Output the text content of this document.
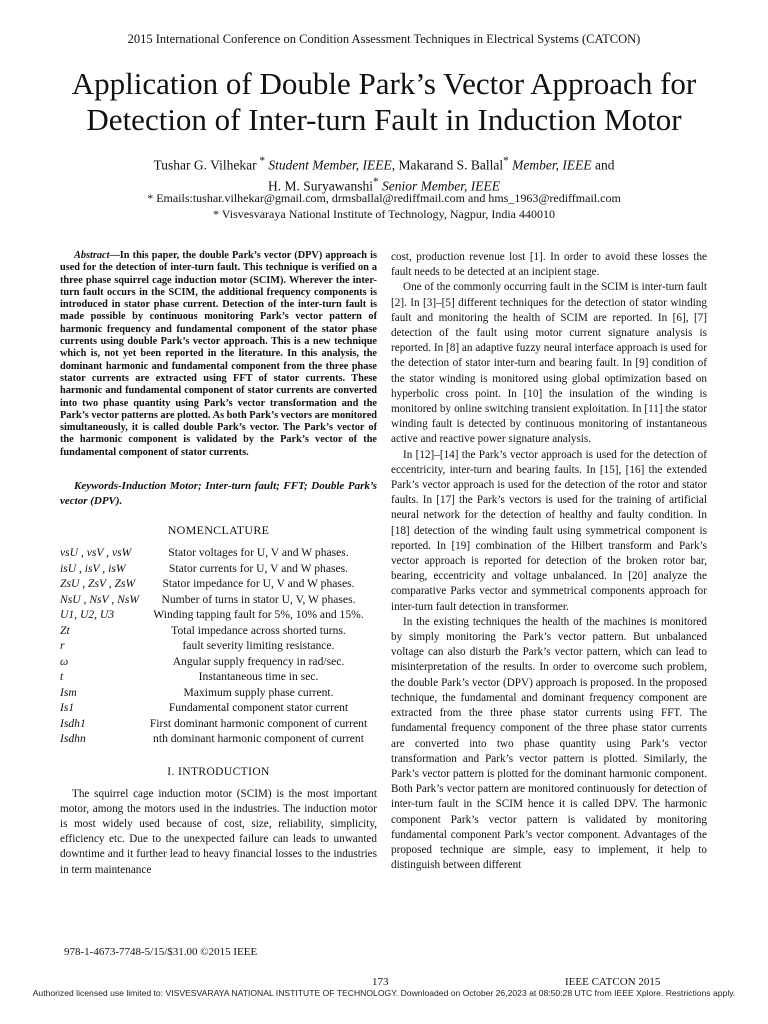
2015 International Conference on Condition Assessment Techniques in Electrical Systems (CATCON)
Application of Double Park’s Vector Approach for
Detection of Inter-turn Fault in Induction Motor
Tushar G. Vilhekar * Student Member, IEEE, Makarand S. Ballal* Member, IEEE and
H. M. Suryawanshi* Senior Member, IEEE
* Emails:tushar.vilhekar@gmail.com, drmsballal@rediffmail.com and hms_1963@rediffmail.com
* Visvesvaraya National Institute of Technology, Nagpur, India 440010

Abstract—In this paper, the double Park’s vector (DPV) approach is used for the detection of inter-turn fault. This technique is verified on a three phase squirrel cage induction motor (SCIM). Wherever the inter-turn fault occurs in the SCIM, the additional frequency components is introduced in stator phase current. Detection of the inter-turn fault is made possible by continuous monitoring Park’s vector pattern of harmonic frequency and fundamental component of the stator phase currents using double Park’s vector approach. This is a new technique which is, not yet been reported in the literature. In this analysis, the dominant harmonic and fundamental component from the three phase stator currents are extracted using FFT of stator currents. These harmonic and fundamental component of stator currents are converted into two phase quantity using Park’s vector transformation and the Park’s vector patterns are plotted. As both Park’s vectors are monitored simultaneously, it is called double Park’s vector. The Park’s vector of the harmonic component is validated by the Park’s vector of the fundamental component of stator currents.

Keywords-Induction Motor; Inter-turn fault; FFT; Double Park’s vector (DPV).

NOMENCLATURE
vsU , vsV , vsW	Stator voltages for U, V and W phases.
isU , isV , isW	Stator currents for U, V and W phases.
ZsU , ZsV , ZsW	Stator impedance for U, V and W phases.
NsU , NsV , NsW	Number of turns in stator U, V, W phases.
U1, U2, U3	Winding tapping fault for 5%, 10% and 15%.
Zt	Total impedance across shorted turns.
r	fault severity limiting resistance.
ω	Angular supply frequency in rad/sec.
t	Instantaneous time in sec.
Ism	Maximum supply phase current.
Is1	Fundamental component stator current
Isdh1	First dominant harmonic component of current
Isdhn	nth dominant harmonic component of current
I. INTRODUCTION

The squirrel cage induction motor (SCIM) is the most important motor, among the motors used in the industries. The induction motor is most widely used because of cost, size, reliability, simplicity, efficiency etc. Due to the unexpected failure can leads to unwanted downtime and it further lead to heavy financial losses to the industries in term maintenance

cost, production revenue lost [1]. In order to avoid these losses the fault needs to be detected at an incipient stage.

One of the commonly occurring fault in the SCIM is inter-turn fault [2]. In [3]–[5] different techniques for the detection of stator winding fault and monitoring the health of SCIM are reported. In [6], [7] detection of the fault using motor current signature analysis is reported. In [8] an adaptive fuzzy neural interface approach is used for the detection of stator inter-turn and bearing fault. In [9] condition of the stator winding is monitored using global optimization based on hyperbolic cross point. In [10] the insulation of the winding is monitored by online switching transient exploitation. In [11] the stator winding fault is detected by continuous monitoring of instantaneous active and reactive power signature analysis.

In [12]–[14] the Park’s vector approach is used for the detection of eccentricity, inter-turn and bearing faults. In [15], [16] the extended Park’s vector approach is used for the detection of the rotor and stator faults. In [17] the Park’s vectors is used for the training of artificial neural network for the detection of healthy and faulty condition. In [18] detection of the winding fault using symmetrical component is reported. In [19] combination of the Hilbert transform and Park’s vector approach is reported for detection of the broken rotor bar, bearing, eccentricity and voltage unbalanced. In [20] analyze the comparative Parks vector and symmetrical components approach for inter-turn fault detection in transformer.

In the existing techniques the health of the machines is monitored by simply monitoring the Park’s vector pattern. But unbalanced voltage can also disturb the Park’s vector pattern, which can lead to misinterpretation of the results. In order to overcome such problem, the double Park’s vector (DPV) approach is proposed. In the proposed technique, the fundamental and dominant frequency component are extracted from the three phase stator currents using FFT. The fundamental frequency component of the three phase stator currents are converted into two phase quantity using Park’s vector transformation and Park’s vector pattern is plotted. Similarly, the Park’s vector pattern is plotted for the dominant harmonic component. Both Park’s vector pattern are monitored continuously for detection of inter-turn fault in the SCIM hence it is called DPV. The harmonic component Park’s vector pattern is validated by monitoring fundamental component Park’s vector component. Advantages of the proposed technique are simple, easy to implement, it help to distinguish between different

978-1-4673-7748-5/15/$31.00 ©2015 IEEE
173	IEEE CATCON 2015
Authorized licensed use limited to: VISVESVARAYA NATIONAL INSTITUTE OF TECHNOLOGY. Downloaded on October 26,2023 at 08:50:28 UTC from IEEE Xplore. Restrictions apply.
